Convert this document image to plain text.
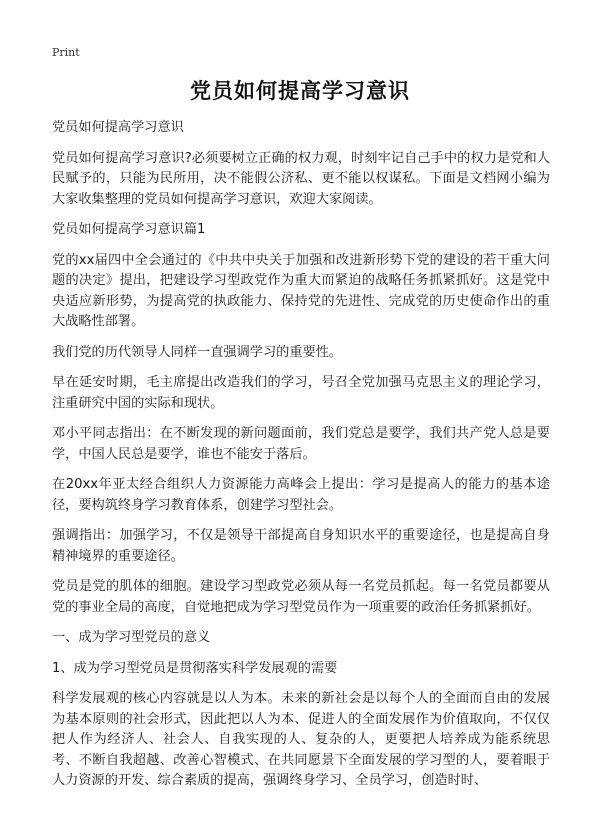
Print
党员如何提高学习意识

党员如何提高学习意识

党员如何提高学习意识?必须要树立正确的权力观，时刻牢记自己手中的权力是党和人民赋予的，只能为民所用，决不能假公济私、更不能以权谋私。下面是文档网小编为大家收集整理的党员如何提高学习意识，欢迎大家阅读。

党员如何提高学习意识篇1

党的xx届四中全会通过的《中共中央关于加强和改进新形势下党的建设的若干重大问题的决定》提出，把建设学习型政党作为重大而紧迫的战略任务抓紧抓好。这是党中央适应新形势，为提高党的执政能力、保持党的先进性、完成党的历史使命作出的重大战略性部署。

我们党的历代领导人同样一直强调学习的重要性。

早在延安时期，毛主席提出改造我们的学习，号召全党加强马克思主义的理论学习，注重研究中国的实际和现状。

邓小平同志指出：在不断发现的新问题面前，我们党总是要学，我们共产党人总是要学，中国人民总是要学，谁也不能安于落后。

在20xx年亚太经合组织人力资源能力高峰会上提出：学习是提高人的能力的基本途径，要构筑终身学习教育体系，创建学习型社会。

强调指出：加强学习，不仅是领导干部提高自身知识水平的重要途径，也是提高自身精神境界的重要途径。

党员是党的肌体的细胞。建设学习型政党必须从每一名党员抓起。每一名党员都要从党的事业全局的高度，自觉地把成为学习型党员作为一项重要的政治任务抓紧抓好。

一、成为学习型党员的意义

1、成为学习型党员是贯彻落实科学发展观的需要

科学发展观的核心内容就是以人为本。未来的新社会是以每个人的全面而自由的发展为基本原则的社会形式，因此把以人为本、促进人的全面发展作为价值取向，不仅仅把人作为经济人、社会人、自我实现的人、复杂的人，更要把人培养成为能系统思考、不断自我超越、改善心智模式、在共同愿景下全面发展的学习型的人，要着眼于人力资源的开发、综合素质的提高，强调终身学习、全员学习，创造时时、
